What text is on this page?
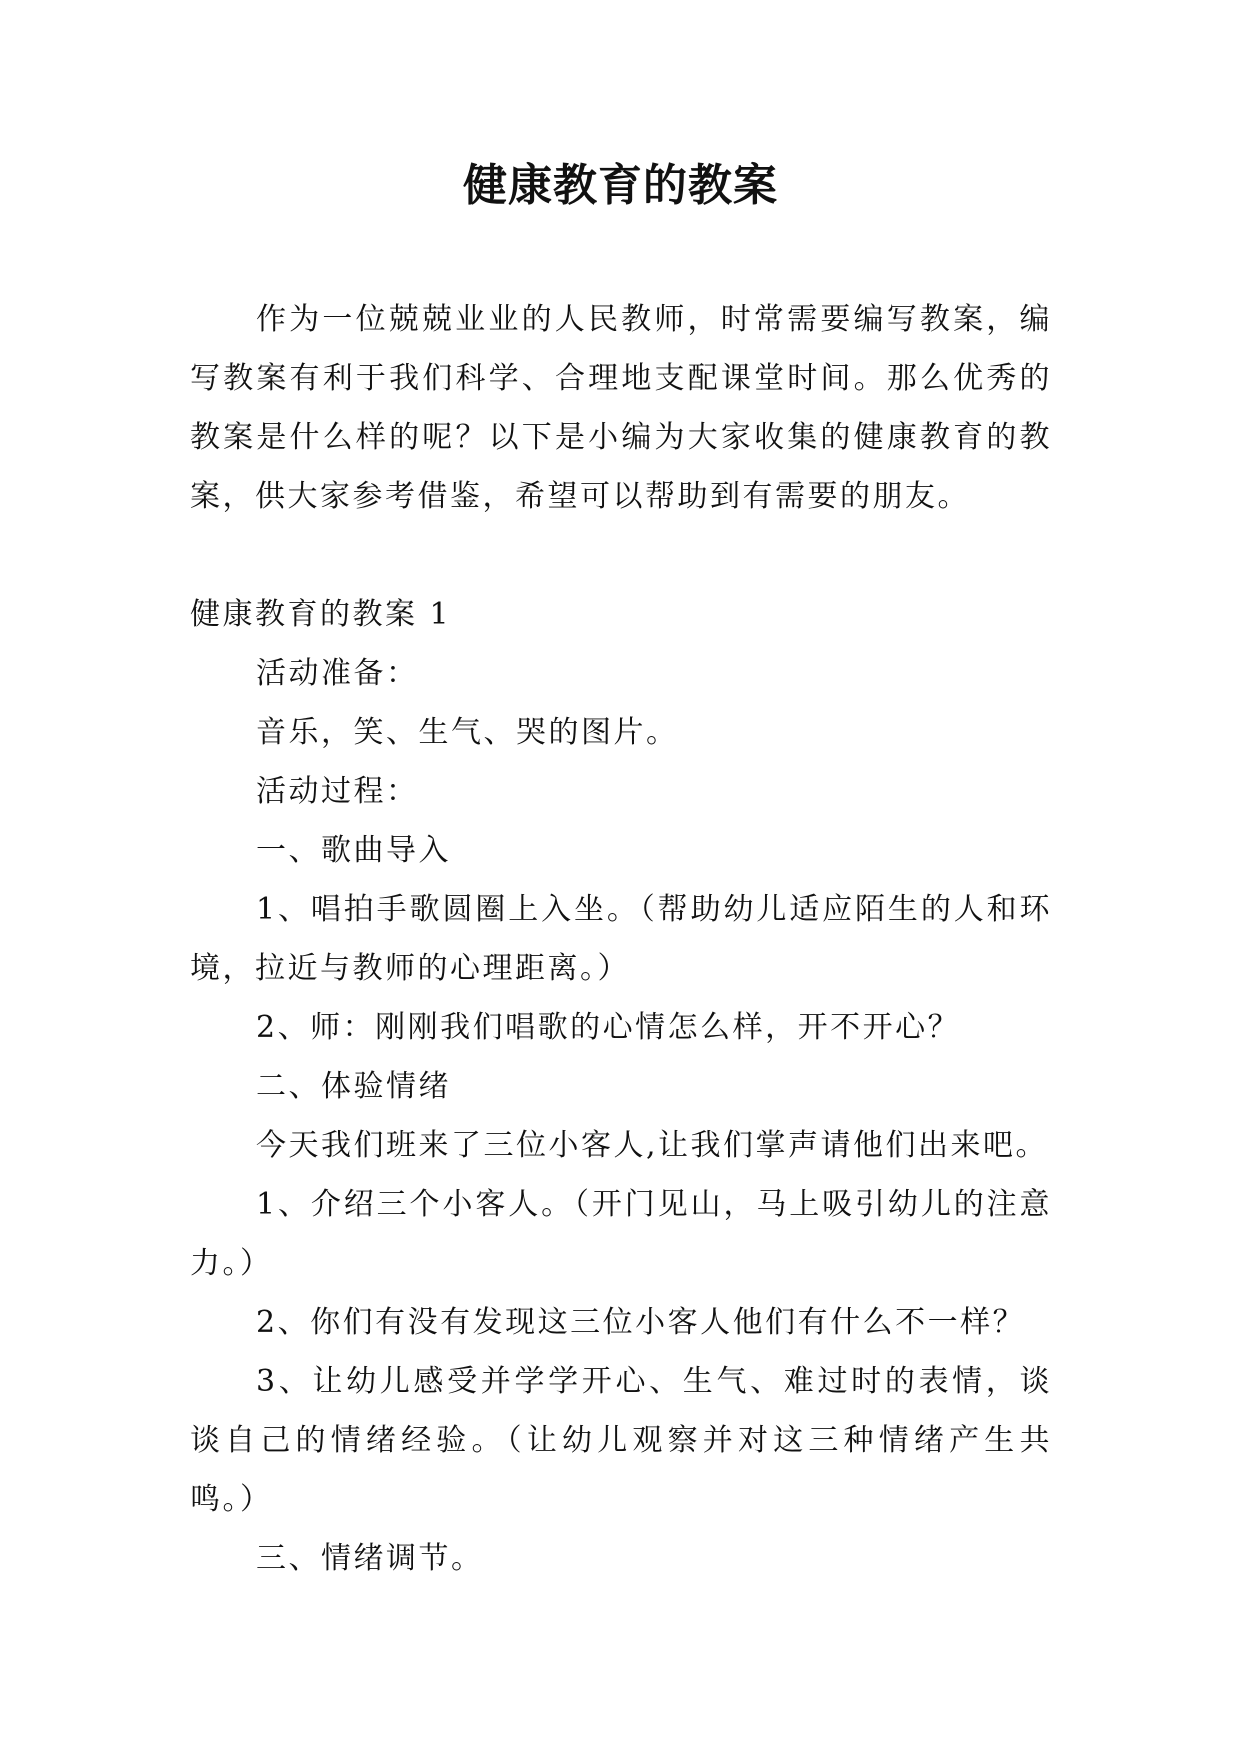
健康教育的教案

作为一位兢兢业业的人民教师，时常需要编写教案，编写教案有利于我们科学、合理地支配课堂时间。那么优秀的教案是什么样的呢？以下是小编为大家收集的健康教育的教案，供大家参考借鉴，希望可以帮助到有需要的朋友。

健康教育的教案 1

活动准备：

音乐，笑、生气、哭的图片。

活动过程：

一、歌曲导入

1、唱拍手歌圆圈上入坐。（帮助幼儿适应陌生的人和环境，拉近与教师的心理距离。）

2、师：刚刚我们唱歌的心情怎么样，开不开心？

二、体验情绪

今天我们班来了三位小客人,让我们掌声请他们出来吧。

1、介绍三个小客人。（开门见山，马上吸引幼儿的注意力。）

2、你们有没有发现这三位小客人他们有什么不一样？

3、让幼儿感受并学学开心、生气、难过时的表情，谈谈自己的情绪经验。（让幼儿观察并对这三种情绪产生共鸣。）

三、情绪调节。
